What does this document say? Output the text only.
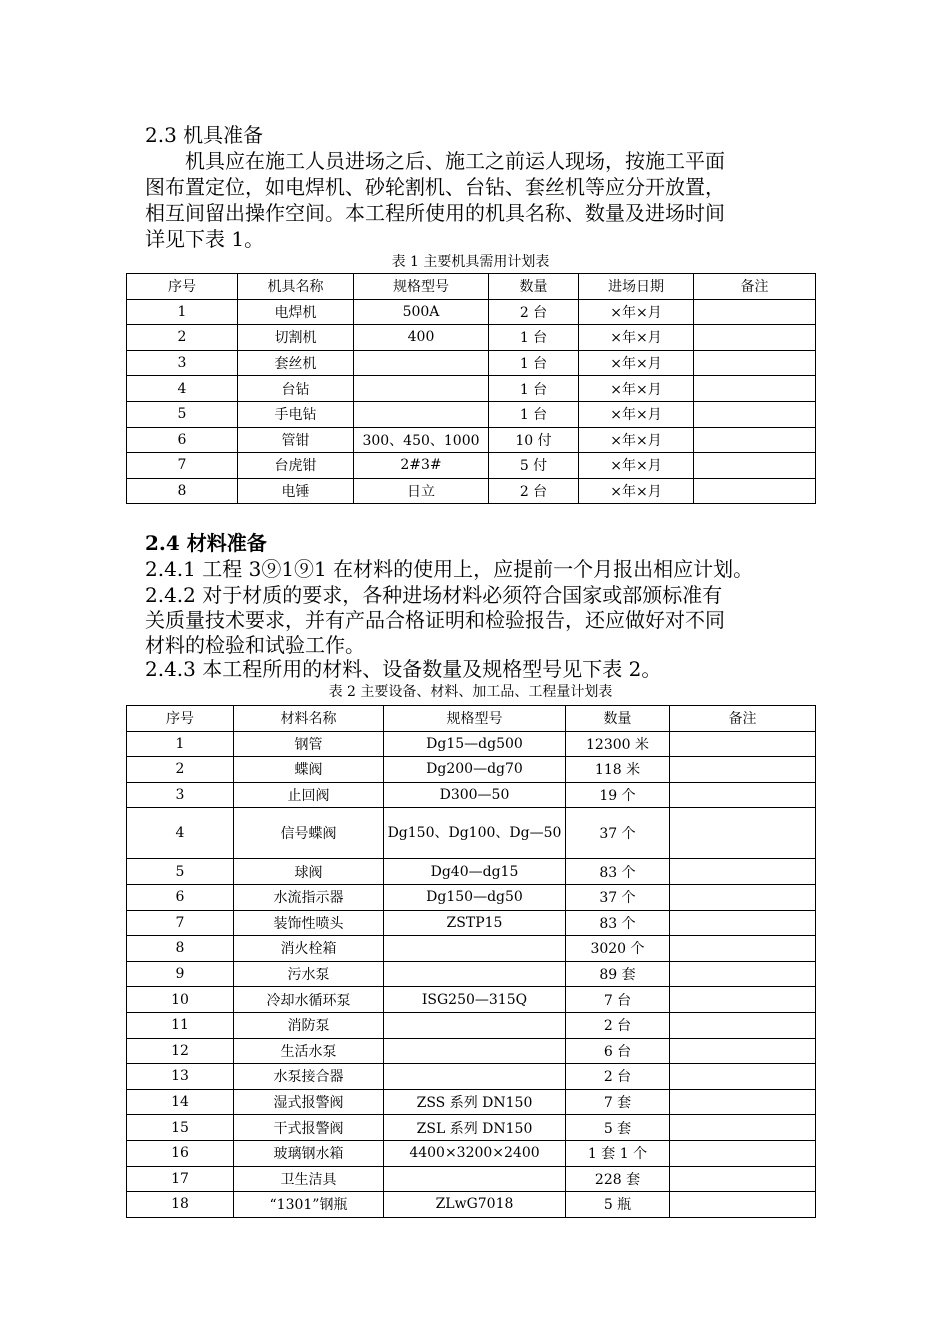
2.3 机具准备

　　机具应在施工人员进场之后、施工之前运人现场，按施工平面

图布置定位，如电焊机、砂轮割机、台钻、套丝机等应分开放置，

相互间留出操作空间。本工程所使用的机具名称、数量及进场时间

详见下表 1。

表 1 主要机具需用计划表
序号	机具名称	规格型号	数量	进场日期	备注
1	电焊机	500A	2 台	×年×月	
2	切割机	400	1 台	×年×月	
3	套丝机		1 台	×年×月	
4	台钻		1 台	×年×月	
5	手电钻		1 台	×年×月	
6	管钳	300、450、1000	10 付	×年×月	
7	台虎钳	2#3#	5 付	×年×月	
8	电锤	日立	2 台	×年×月	

2.4 材料准备

2.4.1 工程 3⑨1⑨1 在材料的使用上，应提前一个月报出相应计划。

2.4.2 对于材质的要求，各种进场材料必须符合国家或部颁标准有

关质量技术要求，并有产品合格证明和检验报告，还应做好对不同

材料的检验和试验工作。

2.4.3 本工程所用的材料、设备数量及规格型号见下表 2。

表 2 主要设备、材料、加工品、工程量计划表
序号	材料名称	规格型号	数量	备注
1	钢管	Dg15—dg500	12300 米	
2	蝶阀	Dg200—dg70	118 米	
3	止回阀	D300—50	19 个	
4	信号蝶阀	Dg150、Dg100、Dg—50	37 个	
5	球阀	Dg40—dg15	83 个	
6	水流指示器	Dg150—dg50	37 个	
7	装饰性喷头	ZSTP15	83 个	
8	消火栓箱		3020 个	
9	污水泵		89 套	
10	冷却水循环泵	ISG250—315Q	7 台	
11	消防泵		2 台	
12	生活水泵		6 台	
13	水泵接合器		2 台	
14	湿式报警阀	ZSS 系列 DN150	7 套	
15	干式报警阀	ZSL 系列 DN150	5 套	
16	玻璃钢水箱	4400×3200×2400	1 套 1 个	
17	卫生洁具		228 套	
18	“1301”钢瓶	ZLwG7018	5 瓶	
